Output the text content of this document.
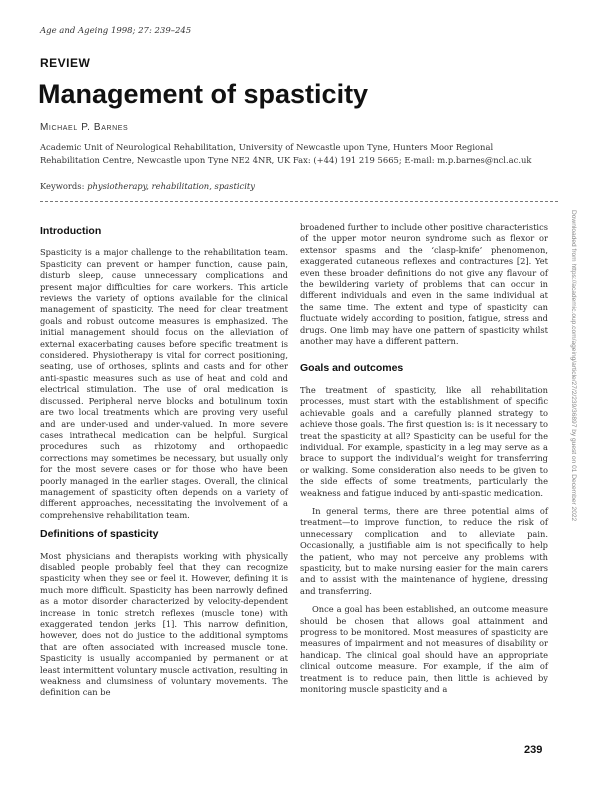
Age and Ageing 1998; 27: 239–245
REVIEW
Management of spasticity
Michael P. Barnes
Academic Unit of Neurological Rehabilitation, University of Newcastle upon Tyne, Hunters Moor Regional Rehabilitation Centre, Newcastle upon Tyne NE2 4NR, UK Fax: (+44) 191 219 5665; E-mail: m.p.barnes@ncl.ac.uk
Keywords: physiotherapy, rehabilitation, spasticity
Introduction

Spasticity is a major challenge to the rehabilitation team. Spasticity can prevent or hamper function, cause pain, disturb sleep, cause unnecessary complications and present major difficulties for care workers. This article reviews the variety of options available for the clinical management of spasticity. The need for clear treatment goals and robust outcome measures is emphasized. The initial management should focus on the alleviation of external exacerbating causes before specific treatment is considered. Physiotherapy is vital for correct positioning, seating, use of orthoses, splints and casts and for other anti-spastic measures such as use of heat and cold and electrical stimulation. The use of oral medication is discussed. Peripheral nerve blocks and botulinum toxin are two local treatments which are proving very useful and are under-used and under-valued. In more severe cases intrathecal medication can be helpful. Surgical procedures such as rhizotomy and orthopaedic corrections may sometimes be necessary, but usually only for the most severe cases or for those who have been poorly managed in the earlier stages. Overall, the clinical management of spasticity often depends on a variety of different approaches, necessitating the involvement of a comprehensive rehabilitation team.

Definitions of spasticity

Most physicians and therapists working with physically disabled people probably feel that they can recognize spasticity when they see or feel it. However, defining it is much more difficult. Spasticity has been narrowly defined as a motor disorder characterized by velocity-dependent increase in tonic stretch reflexes (muscle tone) with exaggerated tendon jerks [1]. This narrow definition, however, does not do justice to the additional symptoms that are often associated with increased muscle tone. Spasticity is usually accompanied by permanent or at least intermittent voluntary muscle activation, resulting in weakness and clumsiness of voluntary movements. The definition can be

broadened further to include other positive characteristics of the upper motor neuron syndrome such as flexor or extensor spasms and the ‘clasp-knife’ phenomenon, exaggerated cutaneous reflexes and contractures [2]. Yet even these broader definitions do not give any flavour of the bewildering variety of problems that can occur in different individuals and even in the same individual at the same time. The extent and type of spasticity can fluctuate widely according to position, fatigue, stress and drugs. One limb may have one pattern of spasticity whilst another may have a different pattern.

Goals and outcomes

The treatment of spasticity, like all rehabilitation processes, must start with the establishment of specific achievable goals and a carefully planned strategy to achieve those goals. The first question is: is it necessary to treat the spasticity at all? Spasticity can be useful for the individual. For example, spasticity in a leg may serve as a brace to support the individual’s weight for transferring or walking. Some consideration also needs to be given to the side effects of some treatments, particularly the weakness and fatigue induced by anti-spastic medication.

In general terms, there are three potential aims of treatment—to improve function, to reduce the risk of unnecessary complication and to alleviate pain. Occasionally, a justifiable aim is not specifically to help the patient, who may not perceive any problems with spasticity, but to make nursing easier for the main carers and to assist with the maintenance of hygiene, dressing and transferring.

Once a goal has been established, an outcome measure should be chosen that allows goal attainment and progress to be monitored. Most measures of spasticity are measures of impairment and not measures of disability or handicap. The clinical goal should have an appropriate clinical outcome measure. For example, if the aim of treatment is to reduce pain, then little is achieved by monitoring muscle spasticity and a

Downloaded from https://academic.oup.com/ageing/article/27/2/239/36897 by guest on 01 December 2022
239
